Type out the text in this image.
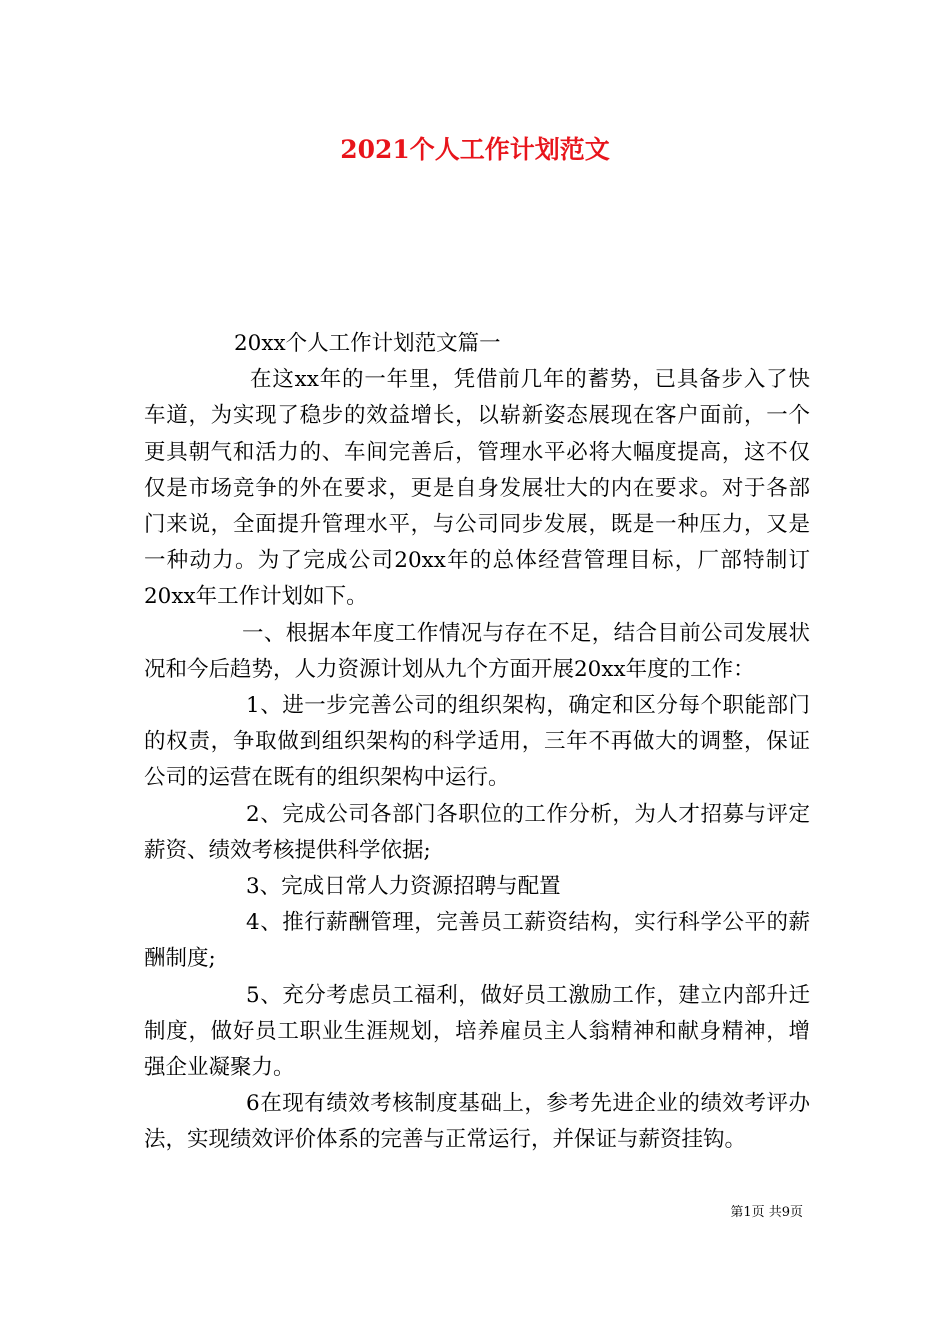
2021个人工作计划范文

20xx个人工作计划范文篇一

在这xx年的一年里，凭借前几年的蓄势，已具备步入了快车道，为实现了稳步的效益增长，以崭新姿态展现在客户面前，一个更具朝气和活力的、车间完善后，管理水平必将大幅度提高，这不仅仅是市场竞争的外在要求，更是自身发展壮大的内在要求。对于各部门来说，全面提升管理水平，与公司同步发展，既是一种压力，又是一种动力。为了完成公司20xx年的总体经营管理目标，厂部特制订20xx年工作计划如下。

一、根据本年度工作情况与存在不足，结合目前公司发展状况和今后趋势，人力资源计划从九个方面开展20xx年度的工作：

1、进一步完善公司的组织架构，确定和区分每个职能部门的权责，争取做到组织架构的科学适用，三年不再做大的调整，保证公司的运营在既有的组织架构中运行。

2、完成公司各部门各职位的工作分析，为人才招募与评定薪资、绩效考核提供科学依据;

3、完成日常人力资源招聘与配置

4、推行薪酬管理，完善员工薪资结构，实行科学公平的薪酬制度;

5、充分考虑员工福利，做好员工激励工作，建立内部升迁制度，做好员工职业生涯规划，培养雇员主人翁精神和献身精神，增强企业凝聚力。

6在现有绩效考核制度基础上，参考先进企业的绩效考评办法，实现绩效评价体系的完善与正常运行，并保证与薪资挂钩。

第1页 共9页
